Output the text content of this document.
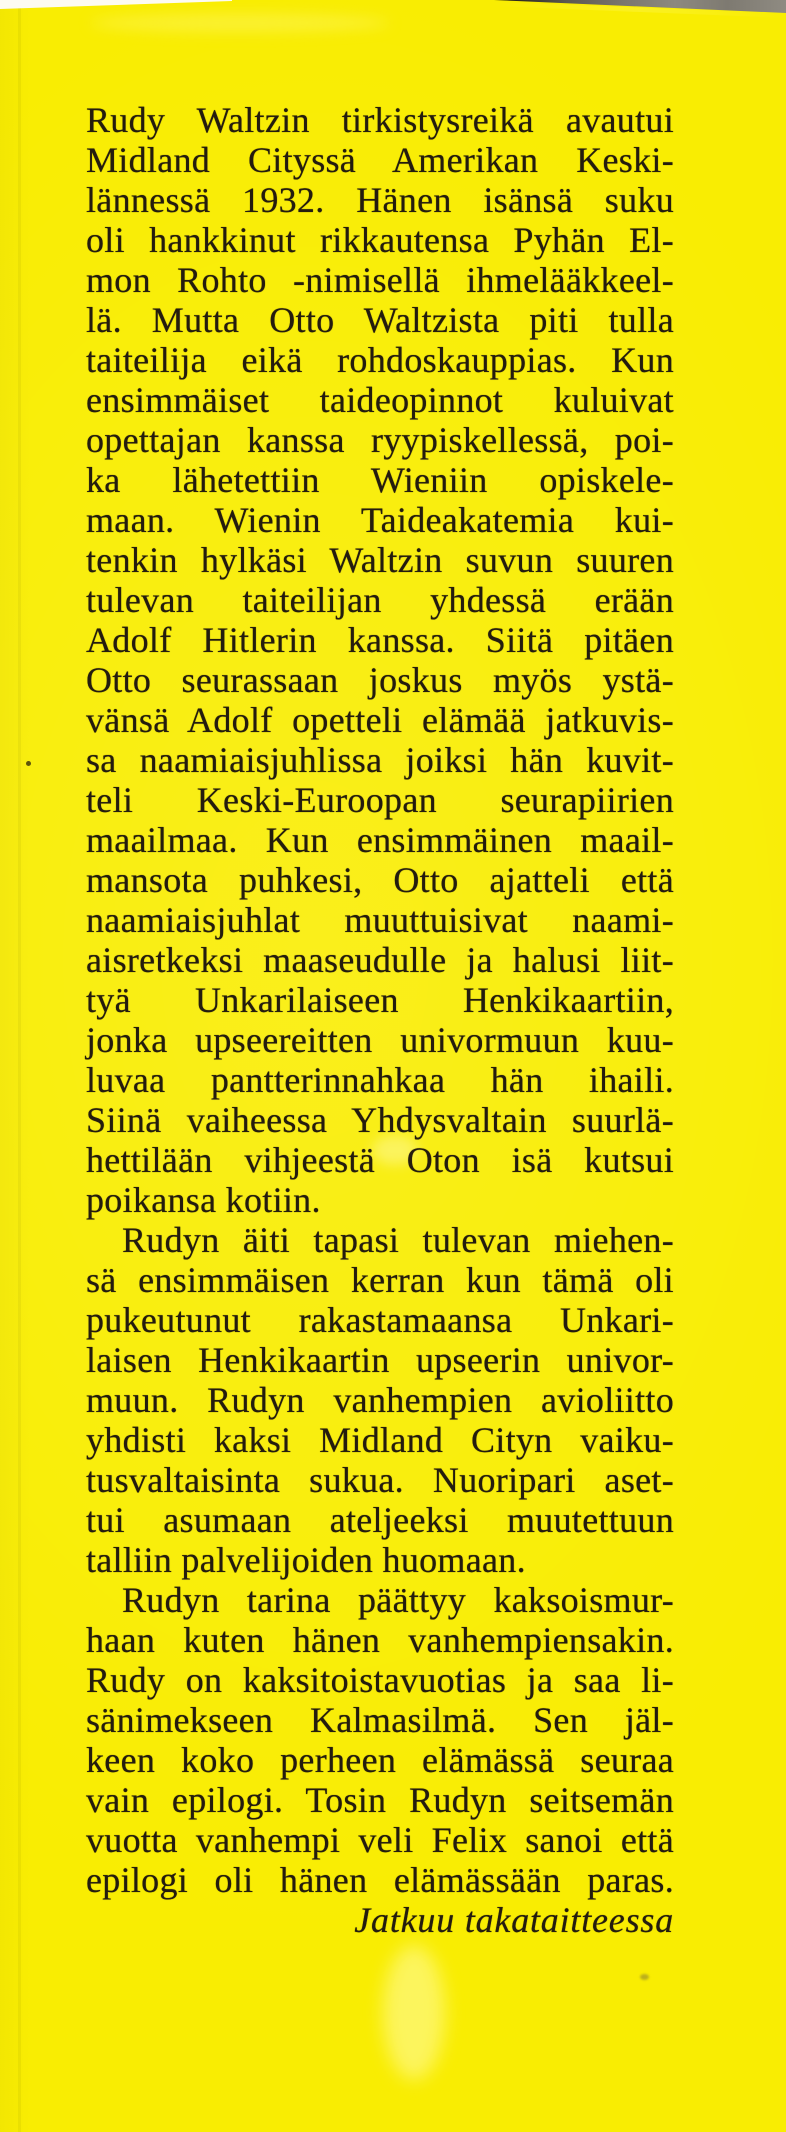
Rudy Waltzin tirkistysreikä avautui
Midland Cityssä Amerikan Keski-
lännessä 1932. Hänen isänsä suku
oli hankkinut rikkautensa Pyhän El-
mon Rohto -nimisellä ihmelääkkeel-
lä. Mutta Otto Waltzista piti tulla
taiteilija eikä rohdoskauppias. Kun
ensimmäiset taideopinnot kuluivat
opettajan kanssa ryypiskellessä, poi-
ka lähetettiin Wieniin opiskele-
maan. Wienin Taideakatemia kui-
tenkin hylkäsi Waltzin suvun suuren
tulevan taiteilijan yhdessä erään
Adolf Hitlerin kanssa. Siitä pitäen
Otto seurassaan joskus myös ystä-
vänsä Adolf opetteli elämää jatkuvis-
sa naamiaisjuhlissa joiksi hän kuvit-
teli Keski-Euroopan seurapiirien
maailmaa. Kun ensimmäinen maail-
mansota puhkesi, Otto ajatteli että
naamiaisjuhlat muuttuisivat naami-
aisretkeksi maaseudulle ja halusi liit-
tyä Unkarilaiseen Henkikaartiin,
jonka upseereitten univormuun kuu-
luvaa pantterinnahkaa hän ihaili.
Siinä vaiheessa Yhdysvaltain suurlä-
hettilään vihjeestä Oton isä kutsui
poikansa kotiin.
Rudyn äiti tapasi tulevan miehen-
sä ensimmäisen kerran kun tämä oli
pukeutunut rakastamaansa Unkari-
laisen Henkikaartin upseerin univor-
muun. Rudyn vanhempien avioliitto
yhdisti kaksi Midland Cityn vaiku-
tusvaltaisinta sukua. Nuoripari aset-
tui asumaan ateljeeksi muutettuun
talliin palvelijoiden huomaan.
Rudyn tarina päättyy kaksoismur-
haan kuten hänen vanhempiensakin.
Rudy on kaksitoistavuotias ja saa li-
sänimekseen Kalmasilmä. Sen jäl-
keen koko perheen elämässä seuraa
vain epilogi. Tosin Rudyn seitsemän
vuotta vanhempi veli Felix sanoi että
epilogi oli hänen elämässään paras.
Jatkuu takataitteessa
